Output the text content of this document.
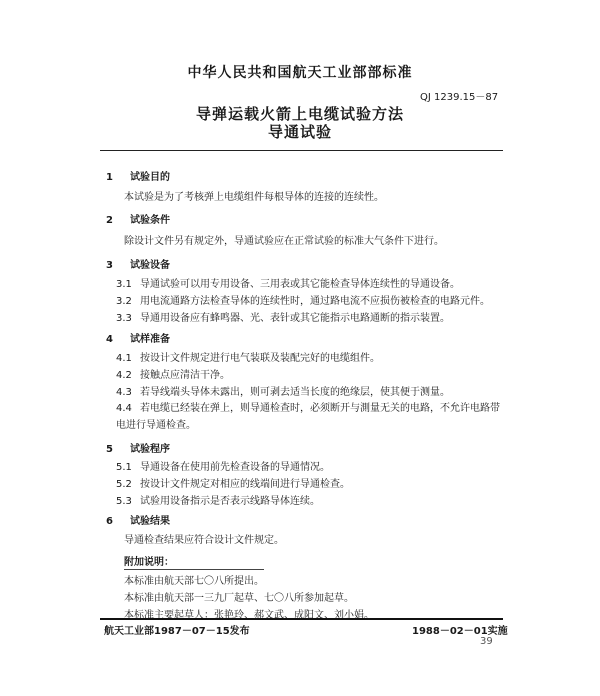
中华人民共和国航天工业部部标准
QJ 1239.15－87
导弹运载火箭上电缆试验方法
导通试验
1 试验目的
本试验是为了考核弹上电缆组件每根导体的连接的连续性。
2 试验条件
除设计文件另有规定外，导通试验应在正常试验的标准大气条件下进行。
3 试验设备
3.1 导通试验可以用专用设备、三用表或其它能检查导体连续性的导通设备。
3.2 用电流通路方法检查导体的连续性时，通过路电流不应损伤被检查的电路元件。
3.3 导通用设备应有蜂鸣器、光、表针或其它能指示电路通断的指示装置。
4 试样准备
4.1 按设计文件规定进行电气装联及装配完好的电缆组件。
4.2 接触点应清洁干净。
4.3 若导线端头导体未露出，则可剥去适当长度的绝缘层，使其便于测量。
4.4 若电缆已经装在弹上，则导通检查时，必须断开与測量无关的电路，不允许电路带电进行导通检查。
5 试验程序
5.1 导通设备在使用前先检查设备的导通情况。
5.2 按设计文件规定对相应的线端间进行导通检查。
5.3 试验用设备指示是否表示线路导体连续。
6 试验结果
导通检查结果应符合设计文件规定。
附加说明：
本标准由航天部七〇八所提出。
本标准由航天部一三九厂起草、七〇八所参加起草。
本标准主要起草人：张艳玲、郝文武、成阳文、刘小娟。
航天工业部1987－07－15发布	1988－02－01实施
39
